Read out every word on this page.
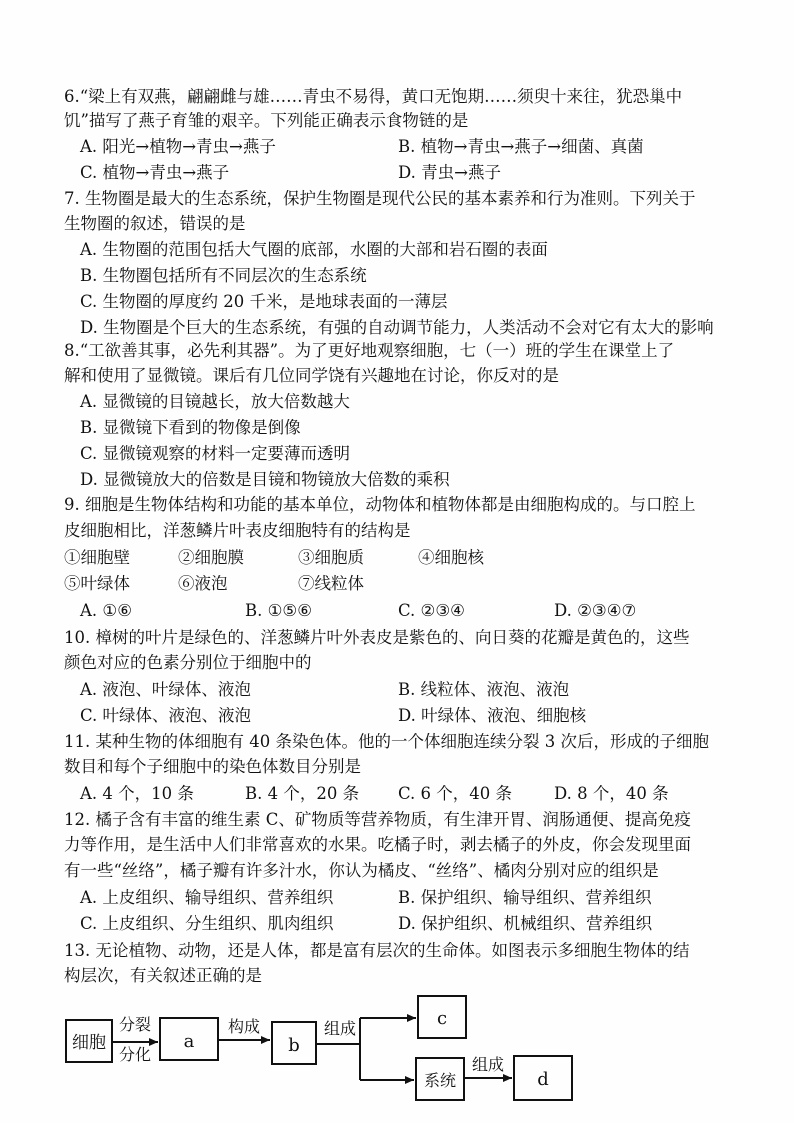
6.“梁上有双燕，翩翩雌与雄……青虫不易得，黄口无饱期……须臾十来往，犹恐巢中
饥”描写了燕子育雏的艰辛。下列能正确表示食物链的是
A. 阳光→植物→青虫→燕子	B. 植物→青虫→燕子→细菌、真菌
C. 植物→青虫→燕子	D. 青虫→燕子
7. 生物圈是最大的生态系统，保护生物圈是现代公民的基本素养和行为准则。下列关于
生物圈的叙述，错误的是
A. 生物圈的范围包括大气圈的底部，水圈的大部和岩石圈的表面
B. 生物圈包括所有不同层次的生态系统
C. 生物圈的厚度约 20 千米，是地球表面的一薄层
D. 生物圈是个巨大的生态系统，有强的自动调节能力，人类活动不会对它有太大的影响
8.“工欲善其事，必先利其器”。为了更好地观察细胞，七（一）班的学生在课堂上了
解和使用了显微镜。课后有几位同学饶有兴趣地在讨论，你反对的是
A. 显微镜的目镜越长，放大倍数越大
B. 显微镜下看到的物像是倒像
C. 显微镜观察的材料一定要薄而透明
D. 显微镜放大的倍数是目镜和物镜放大倍数的乘积
9. 细胞是生物体结构和功能的基本单位，动物体和植物体都是由细胞构成的。与口腔上
皮细胞相比，洋葱鳞片叶表皮细胞特有的结构是
①细胞壁	②细胞膜	③细胞质	④细胞核
⑤叶绿体	⑥液泡	⑦线粒体
A. ①⑥	B. ①⑤⑥	C. ②③④	D. ②③④⑦
10. 樟树的叶片是绿色的、洋葱鳞片叶外表皮是紫色的、向日葵的花瓣是黄色的，这些
颜色对应的色素分别位于细胞中的
A. 液泡、叶绿体、液泡	B. 线粒体、液泡、液泡
C. 叶绿体、液泡、液泡	D. 叶绿体、液泡、细胞核
11. 某种生物的体细胞有 40 条染色体。他的一个体细胞连续分裂 3 次后，形成的子细胞
数目和每个子细胞中的染色体数目分别是
A. 4 个，10 条	B. 4 个，20 条 C. 6 个，40 条	D. 8 个，40 条
12. 橘子含有丰富的维生素 C、矿物质等营养物质，有生津开胃、润肠通便、提高免疫
力等作用，是生活中人们非常喜欢的水果。吃橘子时，剥去橘子的外皮，你会发现里面
有一些“丝络”，橘子瓣有许多汁水，你认为橘皮、“丝络”、橘肉分别对应的组织是
A. 上皮组织、输导组织、营养组织	B. 保护组织、输导组织、营养组织
C. 上皮组织、分生组织、肌肉组织	D. 保护组织、机械组织、营养组织
13. 无论植物、动物，还是人体，都是富有层次的生命体。如图表示多细胞生物体的结
构层次，有关叙述正确的是
细胞
分裂
分化
a
构成
b
组成	c
系统
组成
d
